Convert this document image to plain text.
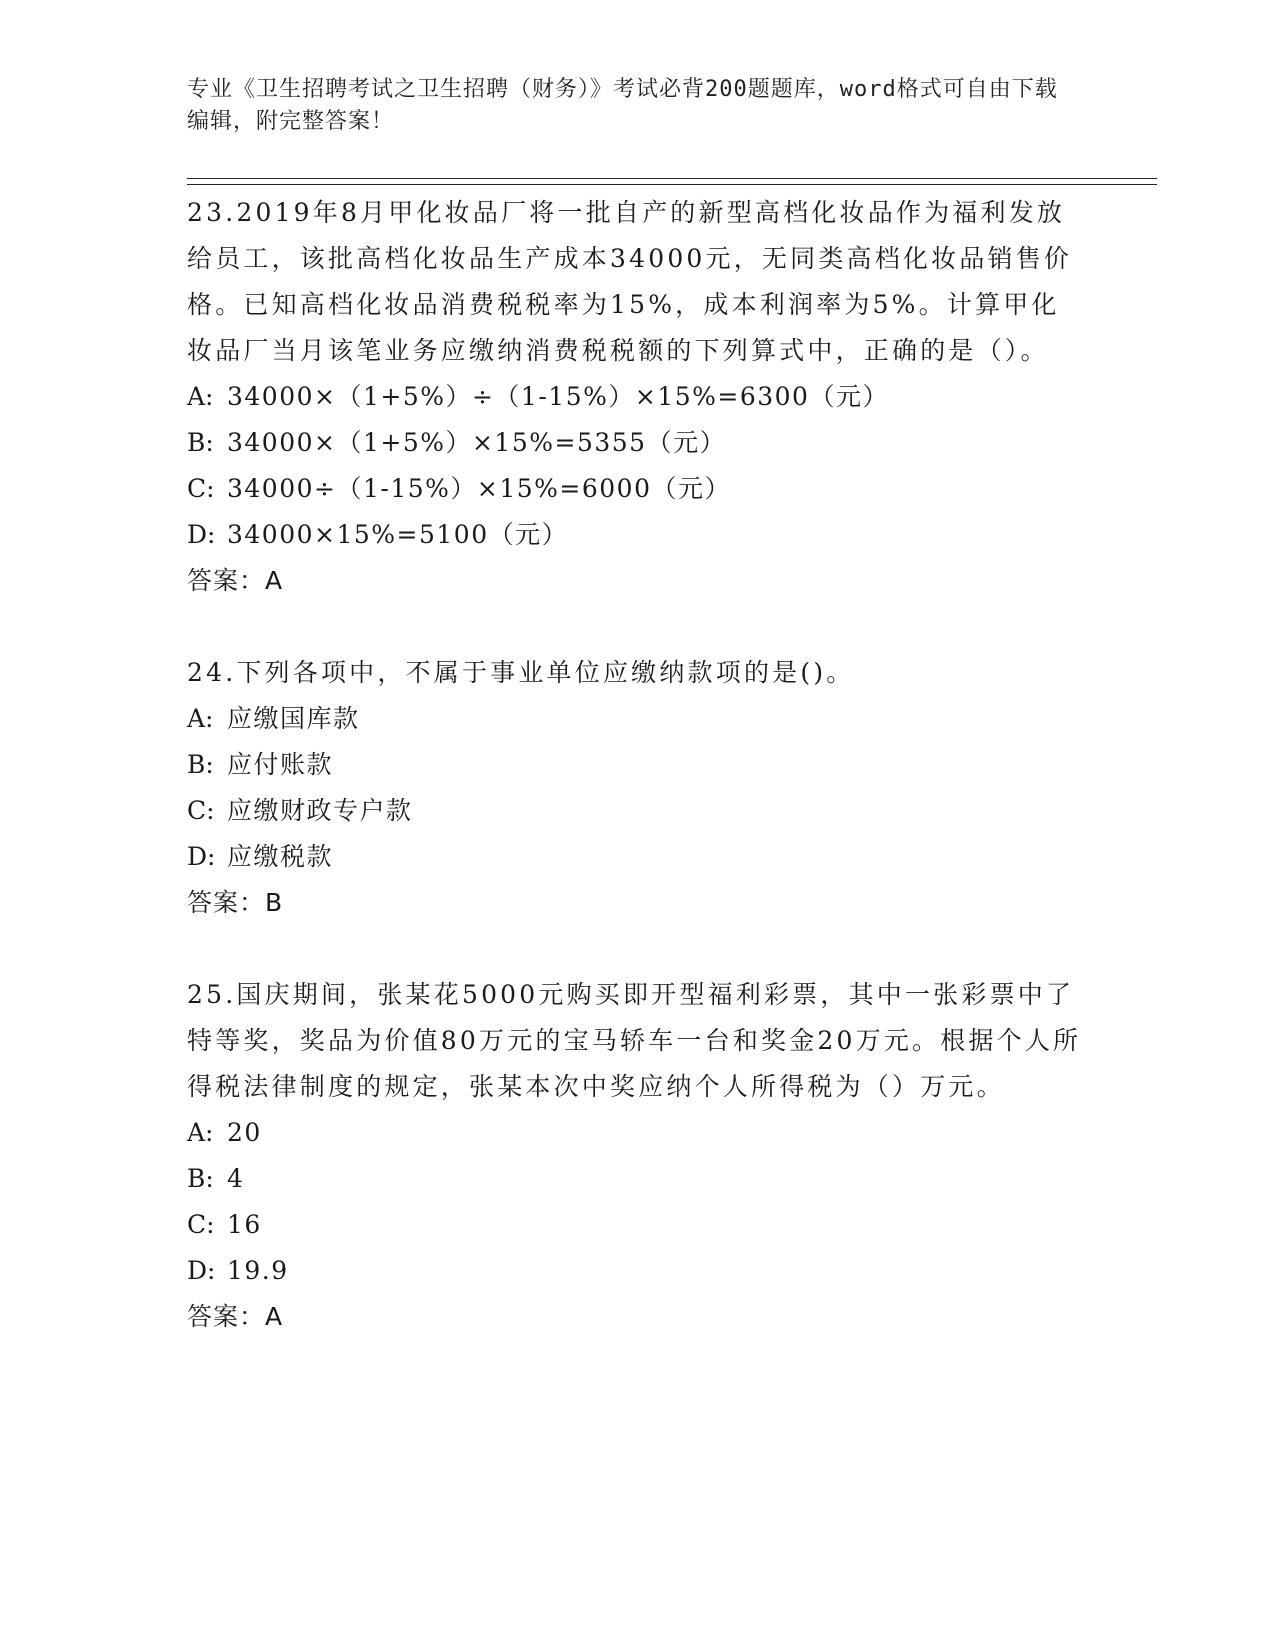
专业《卫生招聘考试之卫生招聘（财务）》考试必背200题题库，word格式可自由下载编辑，附完整答案！

23.2019年8月甲化妆品厂将一批自产的新型高档化妆品作为福利发放给员工，该批高档化妆品生产成本34000元，无同类高档化妆品销售价格。已知高档化妆品消费税税率为15%，成本利润率为5%。计算甲化妆品厂当月该笔业务应缴纳消费税税额的下列算式中，正确的是（）。

A: 34000×（1+5%）÷（1-15%）×15%=6300（元）

B: 34000×（1+5%）×15%=5355（元）

C: 34000÷（1-15%）×15%=6000（元）

D: 34000×15%=5100（元）

答案：A

24.下列各项中，不属于事业单位应缴纳款项的是()。

A: 应缴国库款

B: 应付账款

C: 应缴财政专户款

D: 应缴税款

答案：B

25.国庆期间，张某花5000元购买即开型福利彩票，其中一张彩票中了特等奖，奖品为价值80万元的宝马轿车一台和奖金20万元。根据个人所得税法律制度的规定，张某本次中奖应纳个人所得税为（）万元。

A: 20

B: 4

C: 16

D: 19.9

答案：A
